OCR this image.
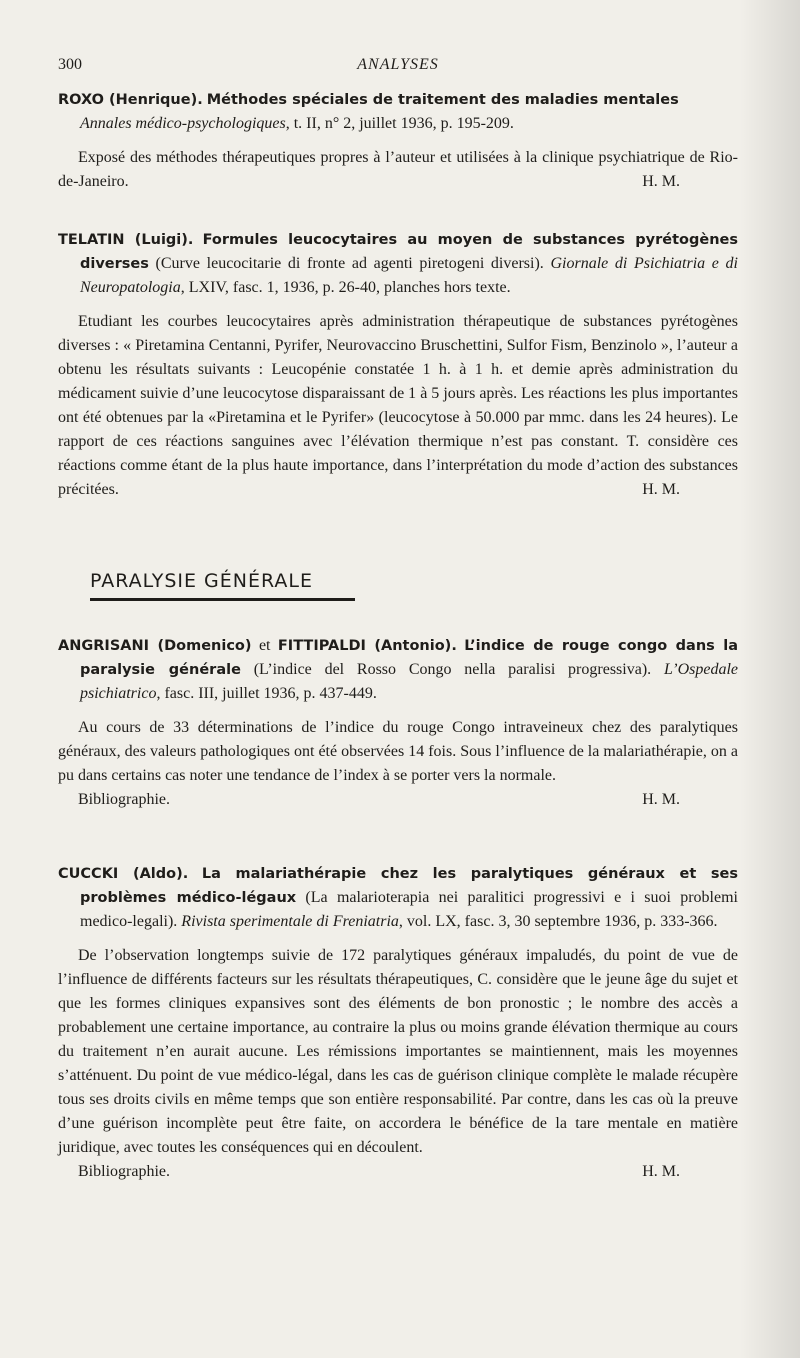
300	ANALYSES
ROXO (Henrique). Méthodes spéciales de traitement des maladies mentales
Annales médico-psychologiques, t. II, n° 2, juillet 1936, p. 195-209.
Exposé des méthodes thérapeutiques propres à l’auteur et utilisées à la clinique psychiatrique de Rio-de-Janeiro.	H. M.
TELATIN (Luigi). Formules leucocytaires au moyen de substances pyrétogènes diverses (Curve leucocitarie di fronte ad agenti piretogeni diversi). Giornale di Psichiatria e di Neuropatologia, LXIV, fasc. 1, 1936, p. 26-40, planches hors texte.
Etudiant les courbes leucocytaires après administration thérapeutique de substances pyrétogènes diverses : « Piretamina Centanni, Pyrifer, Neurovaccino Bruschettini, Sulfor Fism, Benzinolo », l’auteur a obtenu les résultats suivants : Leucopénie constatée 1 h. à 1 h. et demie après administration du médicament suivie d’une leucocytose disparaissant de 1 à 5 jours après. Les réactions les plus importantes ont été obtenues par la «Piretamina et le Pyrifer» (leucocytose à 50.000 par mmc. dans les 24 heures). Le rapport de ces réactions sanguines avec l’élévation thermique n’est pas constant. T. considère ces réactions comme étant de la plus haute importance, dans l’interprétation du mode d’action des substances précitées.	H. M.
PARALYSIE GÉNÉRALE
ANGRISANI (Domenico) et FITTIPALDI (Antonio). L’indice de rouge congo dans la paralysie générale (L’indice del Rosso Congo nella paralisi progressiva). L’Ospedale psichiatrico, fasc. III, juillet 1936, p. 437-449.
Au cours de 33 déterminations de l’indice du rouge Congo intraveineux chez des paralytiques généraux, des valeurs pathologiques ont été observées 14 fois. Sous l’influence de la malariathérapie, on a pu dans certains cas noter une tendance de l’index à se porter vers la normale.
Bibliographie.	H. M.
CUCCKI (Aldo). La malariathérapie chez les paralytiques généraux et ses problèmes médico-légaux (La malarioterapia nei paralitici progressivi e i suoi problemi medico-legali). Rivista sperimentale di Freniatria, vol. LX, fasc. 3, 30 septembre 1936, p. 333-366.
De l’observation longtemps suivie de 172 paralytiques généraux impaludés, du point de vue de l’influence de différents facteurs sur les résultats thérapeutiques, C. considère que le jeune âge du sujet et que les formes cliniques expansives sont des éléments de bon pronostic ; le nombre des accès a probablement une certaine importance, au contraire la plus ou moins grande élévation thermique au cours du traitement n’en aurait aucune. Les rémissions importantes se maintiennent, mais les moyennes s’atténuent. Du point de vue médico-légal, dans les cas de guérison clinique complète le malade récupère tous ses droits civils en même temps que son entière responsabilité. Par contre, dans les cas où la preuve d’une guérison incomplète peut être faite, on accordera le bénéfice de la tare mentale en matière juridique, avec toutes les conséquences qui en découlent.
Bibliographie.	H. M.
